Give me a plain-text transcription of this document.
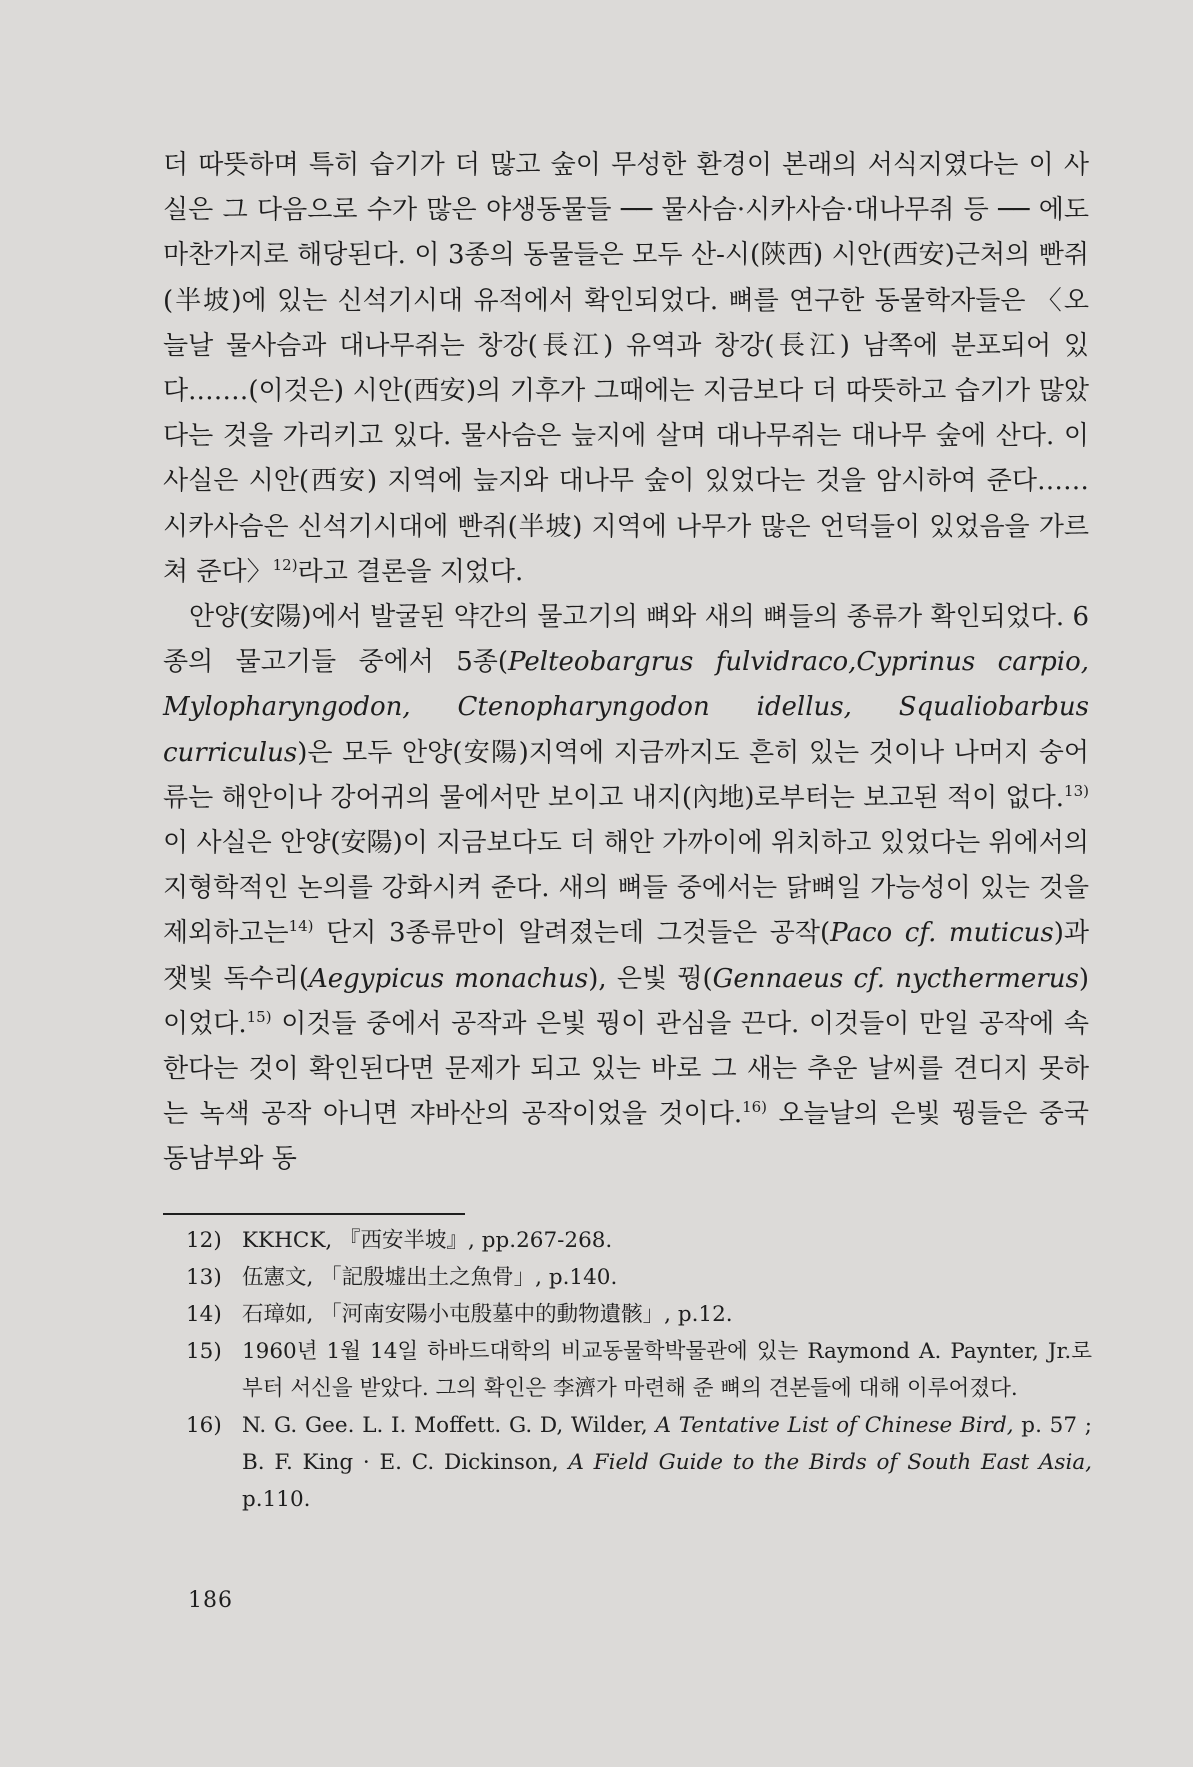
더 따뜻하며 특히 습기가 더 많고 숲이 무성한 환경이 본래의 서식지였다는 이 사실은 그 다음으로 수가 많은 야생동물들 ── 물사슴·시카사슴·대나무쥐 등 ── 에도 마찬가지로 해당된다. 이 3종의 동물들은 모두 산-시(陝西) 시안(西安)근처의 빤쥐(半坡)에 있는 신석기시대 유적에서 확인되었다. 뼈를 연구한 동물학자들은 〈오늘날 물사슴과 대나무쥐는 창강(長江) 유역과 창강(長江) 남쪽에 분포되어 있다.……(이것은) 시안(西安)의 기후가 그때에는 지금보다 더 따뜻하고 습기가 많았다는 것을 가리키고 있다. 물사슴은 늪지에 살며 대나무쥐는 대나무 숲에 산다. 이 사실은 시안(西安) 지역에 늪지와 대나무 숲이 있었다는 것을 암시하여 준다…… 시카사슴은 신석기시대에 빤쥐(半坡) 지역에 나무가 많은 언덕들이 있었음을 가르쳐 준다〉$^{12)}$라고 결론을 지었다.

안양(安陽)에서 발굴된 약간의 물고기의 뼈와 새의 뼈들의 종류가 확인되었다. 6종의 물고기들 중에서 5종(Pelteobargrus fulvidraco,Cyprinus carpio, Mylopharyngodon, Ctenopharyngodon idellus, Squaliobarbus curriculus)은 모두 안양(安陽)지역에 지금까지도 흔히 있는 것이나 나머지 숭어류는 해안이나 강어귀의 물에서만 보이고 내지(內地)로부터는 보고된 적이 없다.$^{13)}$ 이 사실은 안양(安陽)이 지금보다도 더 해안 가까이에 위치하고 있었다는 위에서의 지형학적인 논의를 강화시켜 준다. 새의 뼈들 중에서는 닭뼈일 가능성이 있는 것을 제외하고는$^{14)}$ 단지 3종류만이 알려졌는데 그것들은 공작(Paco cf. muticus)과 잿빛 독수리(Aegypicus monachus), 은빛 꿩(Gennaeus cf. nycthermerus)이었다.$^{15)}$ 이것들 중에서 공작과 은빛 꿩이 관심을 끈다. 이것들이 만일 공작에 속한다는 것이 확인된다면 문제가 되고 있는 바로 그 새는 추운 날씨를 견디지 못하는 녹색 공작 아니면 쟈바산의 공작이었을 것이다.$^{16)}$ 오늘날의 은빛 꿩들은 중국 동남부와 동

12) KKHCK, 『西安半坡』, pp.267-268.
13) 伍憲文, 「記殷墟出土之魚骨」, p.140.
14) 石璋如, 「河南安陽小屯殷墓中的動物遺骸」, p.12.
15) 1960년 1월 14일 하바드대학의 비교동물학박물관에 있는 Raymond A. Paynter, Jr.로부터 서신을 받았다. 그의 확인은 李濟가 마련해 준 뼈의 견본들에 대해 이루어졌다.
16) N. G. Gee. L. I. Moffett. G. D, Wilder, A Tentative List of Chinese Bird, p. 57 ; B. F. King · E. C. Dickinson, A Field Guide to the Birds of South East Asia, p.110.
186
